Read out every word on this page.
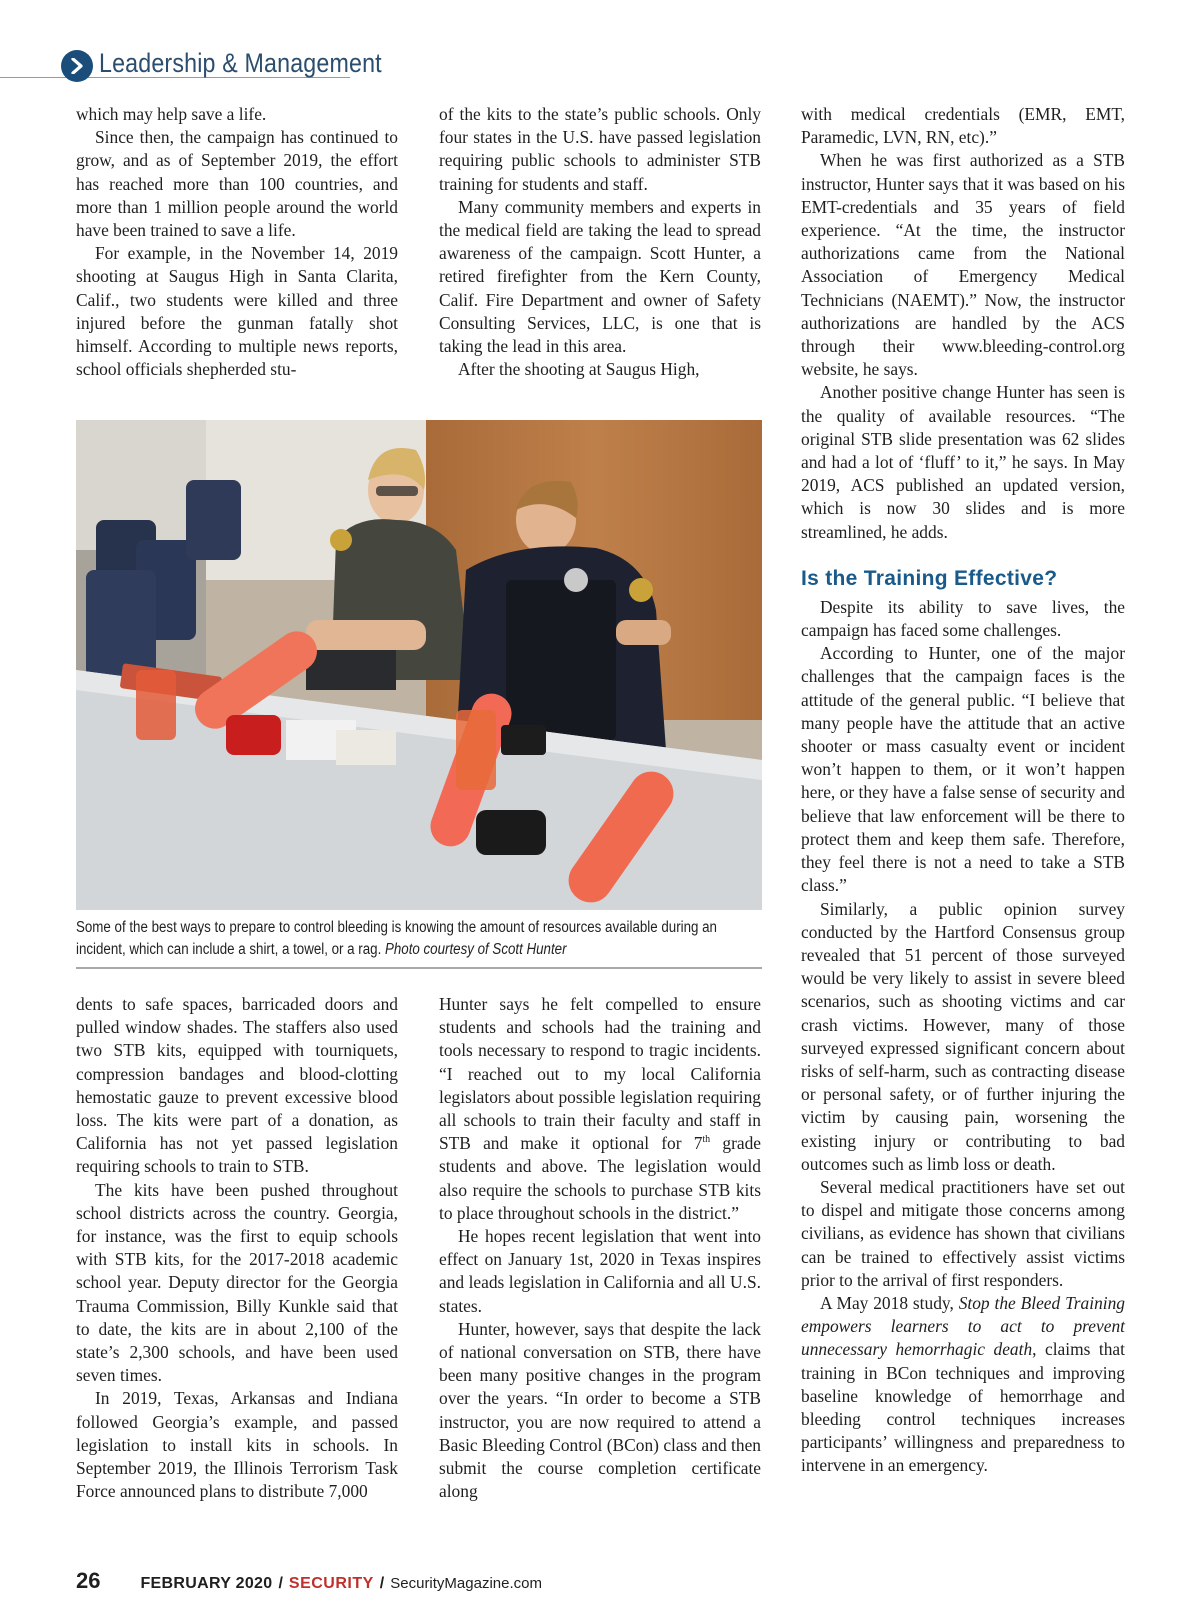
Leadership & Management

which may help save a life.

Since then, the campaign has continued to grow, and as of September 2019, the effort has reached more than 100 countries, and more than 1 million people around the world have been trained to save a life.

For example, in the November 14, 2019 shooting at Saugus High in Santa Clarita, Calif., two students were killed and three injured before the gunman fatally shot himself. According to multiple news reports, school officials shepherded stu-

of the kits to the state’s public schools. Only four states in the U.S. have passed legislation requiring public schools to administer STB training for students and staff.

Many community members and experts in the medical field are taking the lead to spread awareness of the campaign. Scott Hunter, a retired firefighter from the Kern County, Calif. Fire Department and owner of Safety Consulting Services, LLC, is one that is taking the lead in this area.

After the shooting at Saugus High,

Some of the best ways to prepare to control bleeding is knowing the amount of resources available during an incident, which can include a shirt, a towel, or a rag. Photo courtesy of Scott Hunter

dents to safe spaces, barricaded doors and pulled window shades. The staffers also used two STB kits, equipped with tourniquets, compression bandages and blood-clotting hemostatic gauze to prevent excessive blood loss. The kits were part of a donation, as California has not yet passed legislation requiring schools to train to STB.

The kits have been pushed throughout school districts across the country. Georgia, for instance, was the first to equip schools with STB kits, for the 2017-2018 academic school year. Deputy director for the Georgia Trauma Commission, Billy Kunkle said that to date, the kits are in about 2,100 of the state’s 2,300 schools, and have been used seven times.

In 2019, Texas, Arkansas and Indiana followed Georgia’s example, and passed legislation to install kits in schools. In September 2019, the Illinois Terrorism Task Force announced plans to distribute 7,000

Hunter says he felt compelled to ensure students and schools had the training and tools necessary to respond to tragic incidents. “I reached out to my local California legislators about possible legislation requiring all schools to train their faculty and staff in STB and make it optional for 7th grade students and above. The legislation would also require the schools to purchase STB kits to place throughout schools in the district.”

He hopes recent legislation that went into effect on January 1st, 2020 in Texas inspires and leads legislation in California and all U.S. states.

Hunter, however, says that despite the lack of national conversation on STB, there have been many positive changes in the program over the years. “In order to become a STB instructor, you are now required to attend a Basic Bleeding Control (BCon) class and then submit the course completion certificate along

with medical credentials (EMR, EMT, Paramedic, LVN, RN, etc).”

When he was first authorized as a STB instructor, Hunter says that it was based on his EMT-credentials and 35 years of field experience. “At the time, the instructor authorizations came from the National Association of Emergency Medical Technicians (NAEMT).” Now, the instructor authorizations are handled by the ACS through their www.bleeding-control.org website, he says.

Another positive change Hunter has seen is the quality of available resources. “The original STB slide presentation was 62 slides and had a lot of ‘fluff’ to it,” he says. In May 2019, ACS published an updated version, which is now 30 slides and is more streamlined, he adds.

Is the Training Effective?

Despite its ability to save lives, the campaign has faced some challenges.

According to Hunter, one of the major challenges that the campaign faces is the attitude of the general public. “I believe that many people have the attitude that an active shooter or mass casualty event or incident won’t happen to them, or it won’t happen here, or they have a false sense of security and believe that law enforcement will be there to protect them and keep them safe. Therefore, they feel there is not a need to take a STB class.”

Similarly, a public opinion survey conducted by the Hartford Consensus group revealed that 51 percent of those surveyed would be very likely to assist in severe bleed scenarios, such as shooting victims and car crash victims. However, many of those surveyed expressed significant concern about risks of self-harm, such as contracting disease or personal safety, or of further injuring the victim by causing pain, worsening the existing injury or contributing to bad outcomes such as limb loss or death.

Several medical practitioners have set out to dispel and mitigate those concerns among civilians, as evidence has shown that civilians can be trained to effectively assist victims prior to the arrival of first responders.

A May 2018 study, Stop the Bleed Training empowers learners to act to prevent unnecessary hemorrhagic death, claims that training in BCon techniques and improving baseline knowledge of hemorrhage and bleeding control techniques increases participants’ willingness and preparedness to intervene in an emergency.

26	FEBRUARY 2020 / SECURITY / SecurityMagazine.com
